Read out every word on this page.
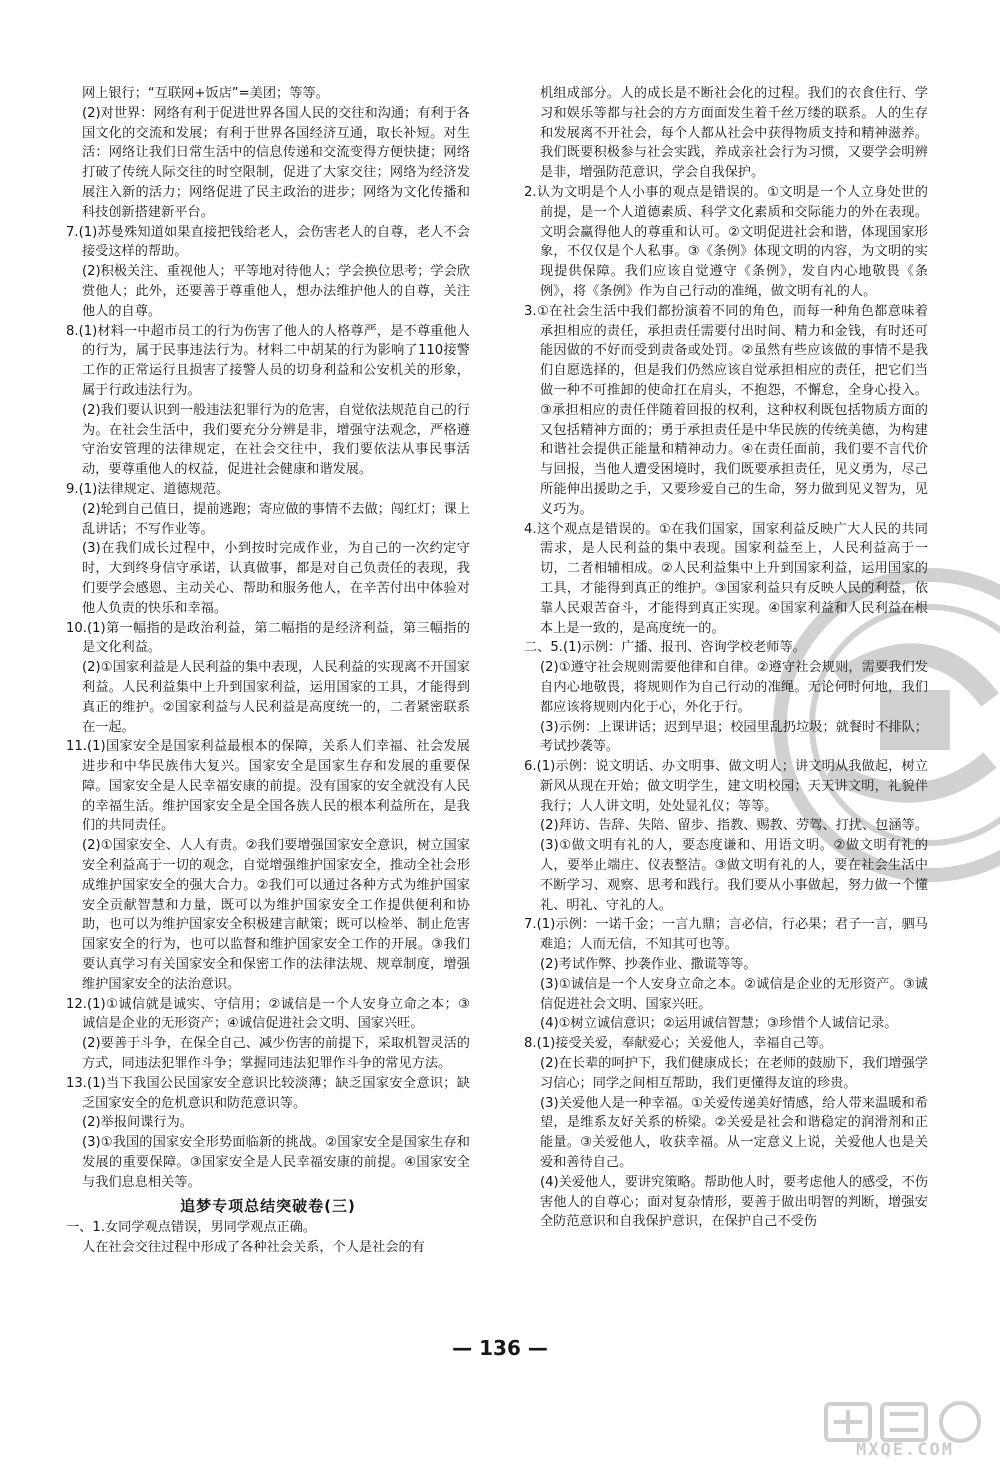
网上银行；“互联网+饭店”=美团；等等。

(2)对世界：网络有利于促进世界各国人民的交往和沟通；有利于各国文化的交流和发展；有利于世界各国经济互通，取长补短。对生活：网络让我们日常生活中的信息传递和交流变得方便快捷；网络打破了传统人际交往的时空限制，促进了大家交往；网络为经济发展注入新的活力；网络促进了民主政治的进步；网络为文化传播和科技创新搭建新平台。

7.(1)苏曼殊知道如果直接把钱给老人，会伤害老人的自尊，老人不会接受这样的帮助。

(2)积极关注、重视他人；平等地对待他人；学会换位思考；学会欣赏他人；此外，还要善于尊重他人，想办法维护他人的自尊，关注他人的自尊。

8.(1)材料一中超市员工的行为伤害了他人的人格尊严，是不尊重他人的行为，属于民事违法行为。材料二中胡某的行为影响了110接警工作的正常运行且损害了接警人员的切身利益和公安机关的形象，属于行政违法行为。

(2)我们要认识到一般违法犯罪行为的危害，自觉依法规范自己的行为。在社会生活中，我们要充分分辨是非，增强守法观念，严格遵守治安管理的法律规定，在社会交往中，我们要依法从事民事活动，要尊重他人的权益，促进社会健康和谐发展。

9.(1)法律规定、道德规范。

(2)轮到自己值日，提前逃跑；寄应做的事情不去做；闯红灯；课上乱讲话；不写作业等。

(3)在我们成长过程中，小到按时完成作业，为自己的一次约定守时，大到终身信守承诺，认真做事，都是对自己负责任的表现，我们要学会感恩、主动关心、帮助和服务他人，在辛苦付出中体验对他人负责的快乐和幸福。

10.(1)第一幅指的是政治利益，第二幅指的是经济利益，第三幅指的是文化利益。

(2)①国家利益是人民利益的集中表现，人民利益的实现离不开国家利益。人民利益集中上升到国家利益，运用国家的工具，才能得到真正的维护。②国家利益与人民利益是高度统一的，二者紧密联系在一起。

11.(1)国家安全是国家利益最根本的保障，关系人们幸福、社会发展进步和中华民族伟大复兴。国家安全是国家生存和发展的重要保障。国家安全是人民幸福安康的前提。没有国家的安全就没有人民的幸福生活。维护国家安全是全国各族人民的根本利益所在，是我们的共同责任。

(2)①国家安全、人人有责。②我们要增强国家安全意识，树立国家安全利益高于一切的观念，自觉增强维护国家安全，推动全社会形成维护国家安全的强大合力。②我们可以通过各种方式为维护国家安全贡献智慧和力量，既可以为维护国家安全工作提供便利和协助，也可以为维护国家安全积极建言献策；既可以检举、制止危害国家安全的行为，也可以监督和维护国家安全工作的开展。③我们要认真学习有关国家安全和保密工作的法律法规、规章制度，增强维护国家安全的法治意识。

12.(1)①诚信就是诚实、守信用；②诚信是一个人安身立命之本；③诚信是企业的无形资产；④诚信促进社会文明、国家兴旺。

(2)要善于斗争，在保全自己、减少伤害的前提下，采取机智灵活的方式，同违法犯罪作斗争；掌握同违法犯罪作斗争的常见方法。

13.(1)当下我国公民国家安全意识比较淡薄；缺乏国家安全意识；缺乏国家安全的危机意识和防范意识等。

(2)举报间谍行为。

(3)①我国的国家安全形势面临新的挑战。②国家安全是国家生存和发展的重要保障。③国家安全是人民幸福安康的前提。④国家安全与我们息息相关等。

追梦专项总结突破卷(三)

一、1.女同学观点错误，男同学观点正确。

人在社会交往过程中形成了各种社会关系，个人是社会的有

机组成部分。人的成长是不断社会化的过程。我们的衣食住行、学习和娱乐等都与社会的方方面面发生着千丝万缕的联系。人的生存和发展离不开社会，每个人都从社会中获得物质支持和精神滋养。我们既要积极参与社会实践，养成亲社会行为习惯，又要学会明辨是非，增强防范意识，学会自我保护。

2.认为文明是个人小事的观点是错误的。①文明是一个人立身处世的前提，是一个人道德素质、科学文化素质和交际能力的外在表现。文明会赢得他人的尊重和认可。②文明促进社会和谐，体现国家形象，不仅仅是个人私事。③《条例》体现文明的内容，为文明的实现提供保障。我们应该自觉遵守《条例》，发自内心地敬畏《条例》，将《条例》作为自己行动的准绳，做文明有礼的人。

3.①在社会生活中我们都扮演着不同的角色，而每一种角色都意味着承担相应的责任，承担责任需要付出时间、精力和金钱，有时还可能因做的不好而受到责备或处罚。②虽然有些应该做的事情不是我们自愿选择的，但是我们仍然应该自觉承担相应的责任，把它们当做一种不可推卸的使命扛在肩头，不抱怨，不懈怠，全身心投入。③承担相应的责任伴随着回报的权利，这种权利既包括物质方面的又包括精神方面的；勇于承担责任是中华民族的传统美德，为构建和谐社会提供正能量和精神动力。④在责任面前，我们要不言代价与回报，当他人遭受困境时，我们既要承担责任，见义勇为，尽己所能伸出援助之手，又要珍爱自己的生命，努力做到见义智为，见义巧为。

4.这个观点是错误的。①在我们国家，国家利益反映广大人民的共同需求，是人民利益的集中表现。国家利益至上，人民利益高于一切，二者相辅相成。②人民利益集中上升到国家利益，运用国家的工具，才能得到真正的维护。③国家利益只有反映人民的利益，依靠人民艰苦奋斗，才能得到真正实现。④国家利益和人民利益在根本上是一致的，是高度统一的。

二、5.(1)示例：广播、报刊、咨询学校老师等。

(2)①遵守社会规则需要他律和自律。②遵守社会规则，需要我们发自内心地敬畏，将规则作为自己行动的准绳。无论何时何地，我们都应该将规则内化于心，外化于行。

(3)示例：上课讲话；迟到早退；校园里乱扔垃圾；就餐时不排队；考试抄袭等。

6.(1)示例：说文明话、办文明事、做文明人；讲文明从我做起，树立新风从现在开始；做文明学生，建文明校园；天天讲文明，礼貌伴我行；人人讲文明，处处显礼仪；等等。

(2)拜访、告辞、失陪、留步、指教、赐教、劳驾、打扰、包涵等。

(3)①做文明有礼的人，要态度谦和、用语文明。②做文明有礼的人，要举止端庄、仪表整洁。③做文明有礼的人，要在社会生活中不断学习、观察、思考和践行。我们要从小事做起，努力做一个懂礼、明礼、守礼的人。

7.(1)示例：一诺千金；一言九鼎；言必信，行必果；君子一言，驷马难追；人而无信，不知其可也等。

(2)考试作弊、抄袭作业、撒谎等等。

(3)①诚信是一个人安身立命之本。②诚信是企业的无形资产。③诚信促进社会文明、国家兴旺。

(4)①树立诚信意识；②运用诚信智慧；③珍惜个人诚信记录。

8.(1)接受关爱，奉献爱心；关爱他人，幸福自己等。

(2)在长辈的呵护下，我们健康成长；在老师的鼓励下，我们增强学习信心；同学之间相互帮助，我们更懂得友谊的珍贵。

(3)关爱他人是一种幸福。①关爱传递美好情感，给人带来温暖和希望，是维系友好关系的桥梁。②关爱是社会和谐稳定的润滑剂和正能量。③关爱他人，收获幸福。从一定意义上说，关爱他人也是关爱和善待自己。

(4)关爱他人，要讲究策略。帮助他人时，要考虑他人的感受，不伤害他人的自尊心；面对复杂情形，要善于做出明智的判断，增强安全防范意识和自我保护意识，在保护自己不受伤

— 136 —
MXQE.COM
